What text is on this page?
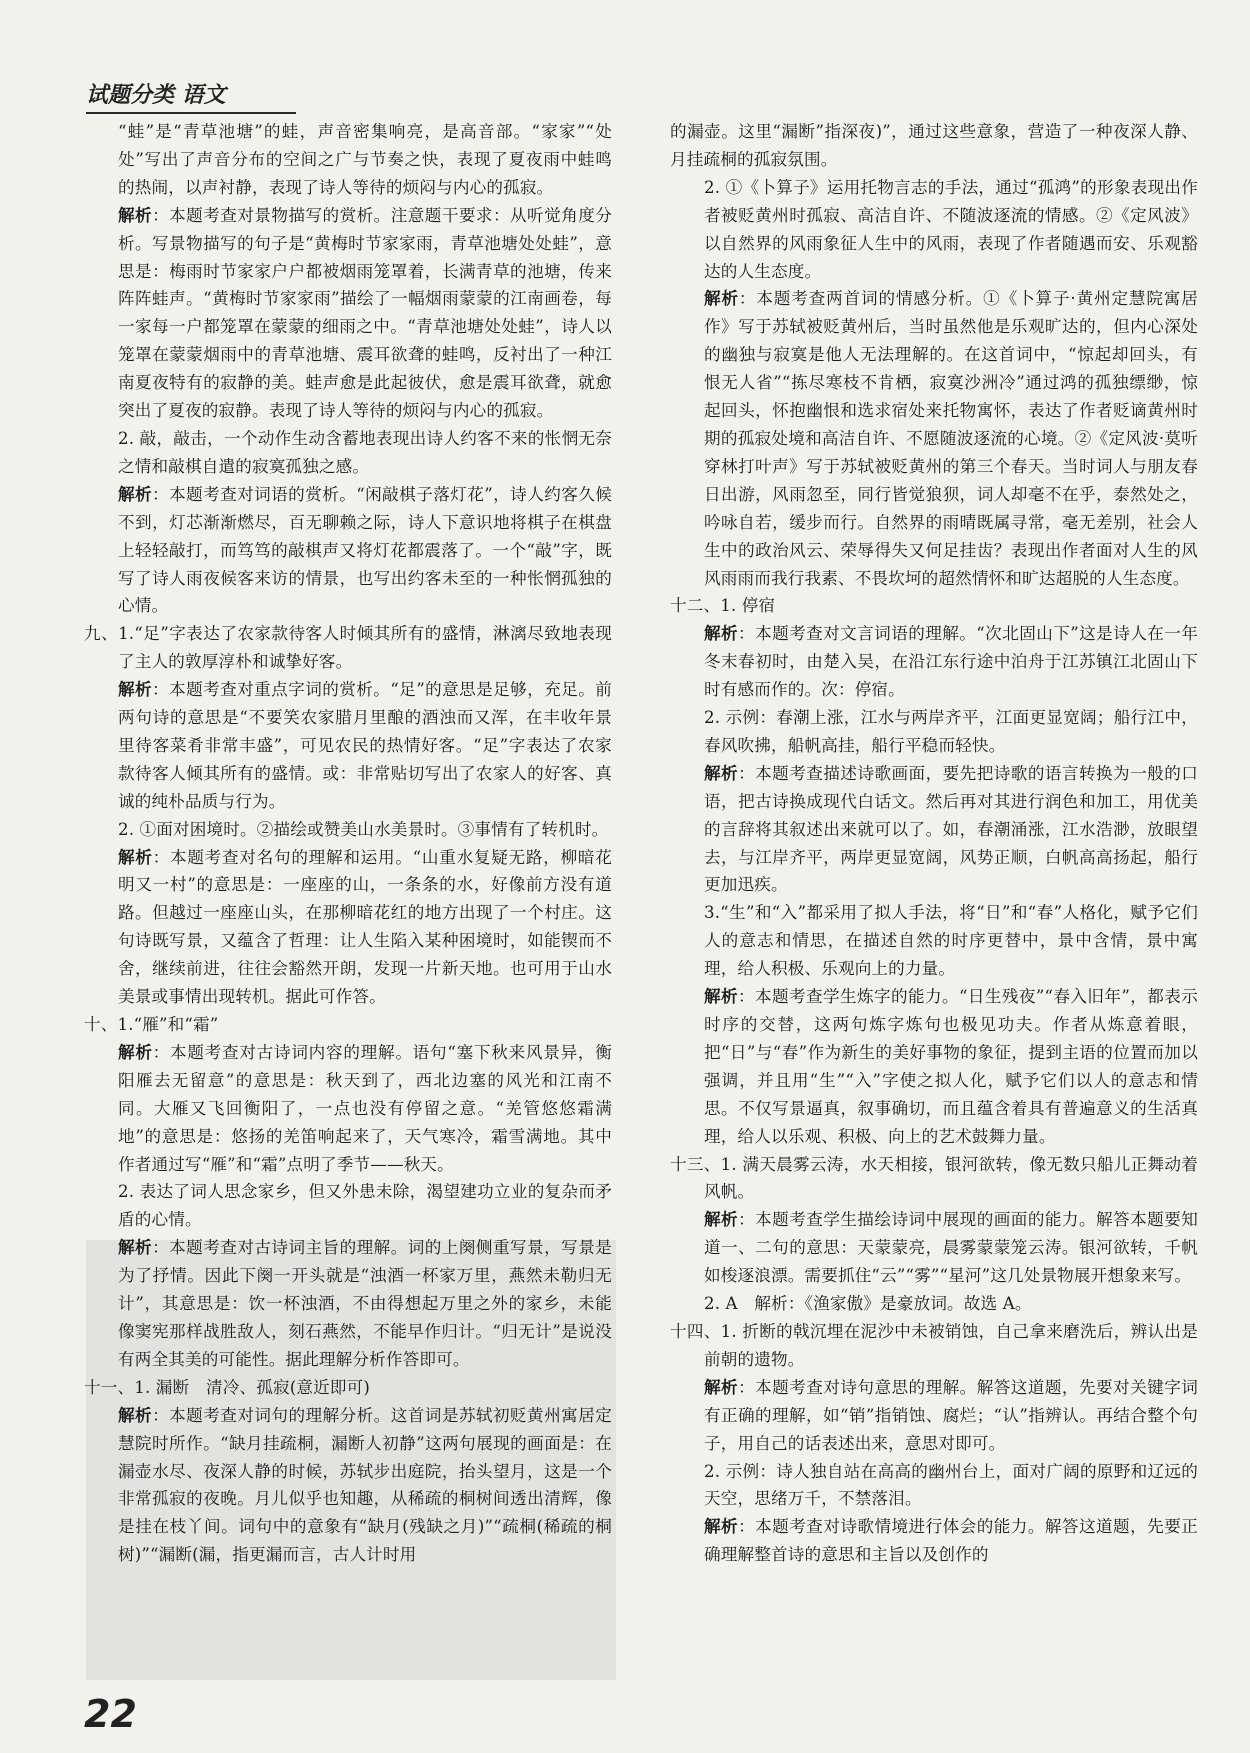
试题分类 语文

“蛙”是“青草池塘”的蛙，声音密集响亮，是高音部。“家家”“处处”写出了声音分布的空间之广与节奏之快，表现了夏夜雨中蛙鸣的热闹，以声衬静，表现了诗人等待的烦闷与内心的孤寂。

解析：本题考查对景物描写的赏析。注意题干要求：从听觉角度分析。写景物描写的句子是“黄梅时节家家雨，青草池塘处处蛙”，意思是：梅雨时节家家户户都被烟雨笼罩着，长满青草的池塘，传来阵阵蛙声。“黄梅时节家家雨”描绘了一幅烟雨蒙蒙的江南画卷，每一家每一户都笼罩在蒙蒙的细雨之中。“青草池塘处处蛙”，诗人以笼罩在蒙蒙烟雨中的青草池塘、震耳欲聋的蛙鸣，反衬出了一种江南夏夜特有的寂静的美。蛙声愈是此起彼伏，愈是震耳欲聋，就愈突出了夏夜的寂静。表现了诗人等待的烦闷与内心的孤寂。

2. 敲，敲击，一个动作生动含蓄地表现出诗人约客不来的怅惘无奈之情和敲棋自遣的寂寞孤独之感。

解析：本题考查对词语的赏析。“闲敲棋子落灯花”，诗人约客久候不到，灯芯渐渐燃尽，百无聊赖之际，诗人下意识地将棋子在棋盘上轻轻敲打，而笃笃的敲棋声又将灯花都震落了。一个“敲”字，既写了诗人雨夜候客来访的情景，也写出约客未至的一种怅惘孤独的心情。

九、1.“足”字表达了农家款待客人时倾其所有的盛情，淋漓尽致地表现了主人的敦厚淳朴和诚挚好客。

解析：本题考查对重点字词的赏析。“足”的意思是足够，充足。前两句诗的意思是“不要笑农家腊月里酿的酒浊而又浑，在丰收年景里待客菜肴非常丰盛”，可见农民的热情好客。“足”字表达了农家款待客人倾其所有的盛情。或：非常贴切写出了农家人的好客、真诚的纯朴品质与行为。

2. ①面对困境时。②描绘或赞美山水美景时。③事情有了转机时。

解析：本题考查对名句的理解和运用。“山重水复疑无路，柳暗花明又一村”的意思是：一座座的山，一条条的水，好像前方没有道路。但越过一座座山头，在那柳暗花红的地方出现了一个村庄。这句诗既写景，又蕴含了哲理：让人生陷入某种困境时，如能锲而不舍，继续前进，往往会豁然开朗，发现一片新天地。也可用于山水美景或事情出现转机。据此可作答。

十、1.“雁”和“霜”

解析：本题考查对古诗词内容的理解。语句“塞下秋来风景异，衡阳雁去无留意”的意思是：秋天到了，西北边塞的风光和江南不同。大雁又飞回衡阳了，一点也没有停留之意。“羌管悠悠霜满地”的意思是：悠扬的羌笛响起来了，天气寒冷，霜雪满地。其中作者通过写“雁”和“霜”点明了季节——秋天。

2. 表达了词人思念家乡，但又外患未除，渴望建功立业的复杂而矛盾的心情。

解析：本题考查对古诗词主旨的理解。词的上阕侧重写景，写景是为了抒情。因此下阕一开头就是“浊酒一杯家万里，燕然未勒归无计”，其意思是：饮一杯浊酒，不由得想起万里之外的家乡，未能像窦宪那样战胜敌人，刻石燕然，不能早作归计。“归无计”是说没有两全其美的可能性。据此理解分析作答即可。

十一、1. 漏断　清冷、孤寂(意近即可)

解析：本题考查对词句的理解分析。这首词是苏轼初贬黄州寓居定慧院时所作。“缺月挂疏桐，漏断人初静”这两句展现的画面是：在漏壶水尽、夜深人静的时候，苏轼步出庭院，抬头望月，这是一个非常孤寂的夜晚。月儿似乎也知趣，从稀疏的桐树间透出清辉，像是挂在枝丫间。词句中的意象有“缺月(残缺之月)”“疏桐(稀疏的桐树)”“漏断(漏，指更漏而言，古人计时用

的漏壶。这里“漏断”指深夜)”，通过这些意象，营造了一种夜深人静、月挂疏桐的孤寂氛围。

2. ①《卜算子》运用托物言志的手法，通过“孤鸿”的形象表现出作者被贬黄州时孤寂、高洁自许、不随波逐流的情感。②《定风波》以自然界的风雨象征人生中的风雨，表现了作者随遇而安、乐观豁达的人生态度。

解析：本题考查两首词的情感分析。①《卜算子·黄州定慧院寓居作》写于苏轼被贬黄州后，当时虽然他是乐观旷达的，但内心深处的幽独与寂寞是他人无法理解的。在这首词中，“惊起却回头，有恨无人省”“拣尽寒枝不肯栖，寂寞沙洲冷”通过鸿的孤独缥缈，惊起回头，怀抱幽恨和选求宿处来托物寓怀，表达了作者贬谪黄州时期的孤寂处境和高洁自许、不愿随波逐流的心境。②《定风波·莫听穿林打叶声》写于苏轼被贬黄州的第三个春天。当时词人与朋友春日出游，风雨忽至，同行皆觉狼狈，词人却毫不在乎，泰然处之，吟咏自若，缓步而行。自然界的雨晴既属寻常，毫无差别，社会人生中的政治风云、荣辱得失又何足挂齿？表现出作者面对人生的风风雨雨而我行我素、不畏坎坷的超然情怀和旷达超脱的人生态度。

十二、1. 停宿

解析：本题考查对文言词语的理解。“次北固山下”这是诗人在一年冬末春初时，由楚入吴，在沿江东行途中泊舟于江苏镇江北固山下时有感而作的。次：停宿。

2. 示例：春潮上涨，江水与两岸齐平，江面更显宽阔；船行江中，春风吹拂，船帆高挂，船行平稳而轻快。

解析：本题考查描述诗歌画面，要先把诗歌的语言转换为一般的口语，把古诗换成现代白话文。然后再对其进行润色和加工，用优美的言辞将其叙述出来就可以了。如，春潮涌涨，江水浩渺，放眼望去，与江岸齐平，两岸更显宽阔，风势正顺，白帆高高扬起，船行更加迅疾。

3.“生”和“入”都采用了拟人手法，将“日”和“春”人格化，赋予它们人的意志和情思，在描述自然的时序更替中，景中含情，景中寓理，给人积极、乐观向上的力量。

解析：本题考查学生炼字的能力。“日生残夜”“春入旧年”，都表示时序的交替，这两句炼字炼句也极见功夫。作者从炼意着眼，把“日”与“春”作为新生的美好事物的象征，提到主语的位置而加以强调，并且用“生”“入”字使之拟人化，赋予它们以人的意志和情思。不仅写景逼真，叙事确切，而且蕴含着具有普遍意义的生活真理，给人以乐观、积极、向上的艺术鼓舞力量。

十三、1. 满天晨雾云涛，水天相接，银河欲转，像无数只船儿正舞动着风帆。

解析：本题考查学生描绘诗词中展现的画面的能力。解答本题要知道一、二句的意思：天蒙蒙亮，晨雾蒙蒙笼云涛。银河欲转，千帆如梭逐浪漂。需要抓住“云”“雾”“星河”这几处景物展开想象来写。

2. A　解析：《渔家傲》是豪放词。故选 A。

十四、1. 折断的戟沉埋在泥沙中未被销蚀，自己拿来磨洗后，辨认出是前朝的遗物。

解析：本题考查对诗句意思的理解。解答这道题，先要对关键字词有正确的理解，如“销”指销蚀、腐烂；“认”指辨认。再结合整个句子，用自己的话表述出来，意思对即可。

2. 示例：诗人独自站在高高的幽州台上，面对广阔的原野和辽远的天空，思绪万千，不禁落泪。

解析：本题考查对诗歌情境进行体会的能力。解答这道题，先要正确理解整首诗的意思和主旨以及创作的

22
